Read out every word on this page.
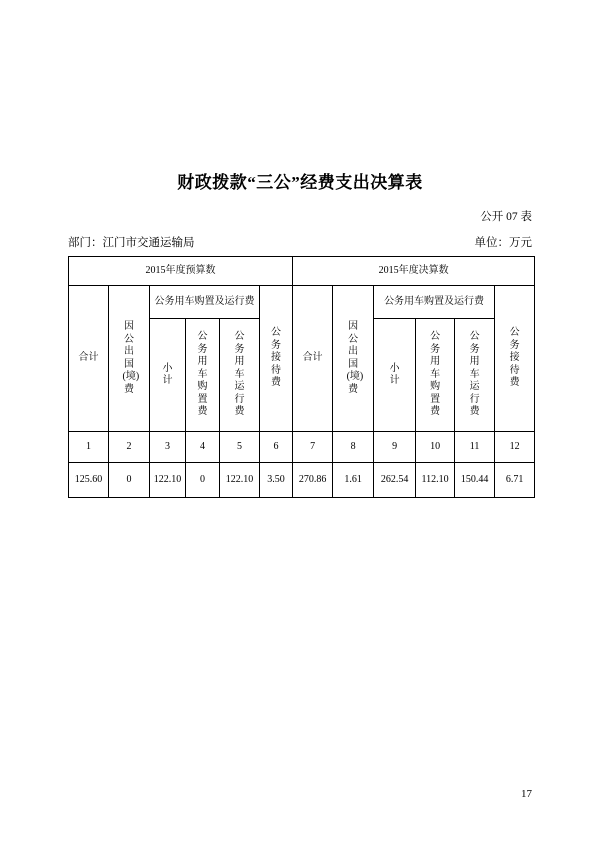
财政拨款“三公”经费支出决算表
公开 07 表
部门：江门市交通运输局	单位：万元
2015年度预算数						2015年度决算数					
合计	因公出国(境)费	公务用车购置及运行费			公务接待费	合计	因公出国(境)费	公务用车购置及运行费			公务接待费

		小计	公务用车购置费	公务用车运行费				小计	公务用车购置费	公务用车运行费	

1	2	3	4	5	6	7	8	9	10	11	12
125.60	0	122.10	0	122.10	3.50	270.86	1.61	262.54	112.10	150.44	6.71
17
